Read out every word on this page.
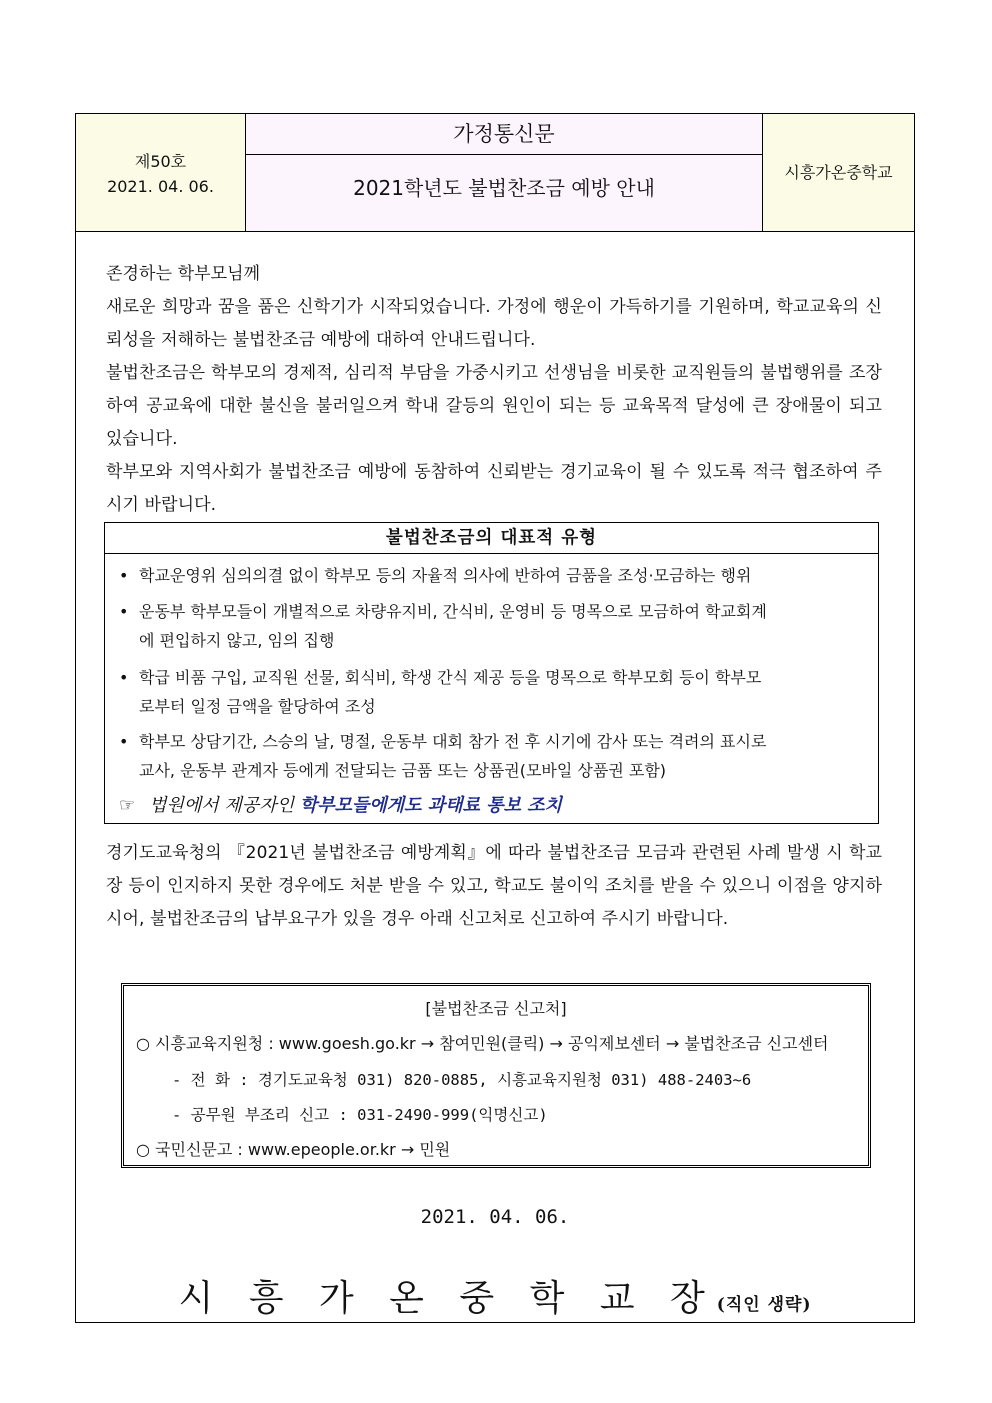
제50호
2021. 04. 06.
가정통신문
2021학년도 불법찬조금 예방 안내
시흥가온중학교

존경하는 학부모님께

새로운 희망과 꿈을 품은 신학기가 시작되었습니다. 가정에 행운이 가득하기를 기원하며, 학교교육의 신뢰성을 저해하는 불법찬조금 예방에 대하여 안내드립니다.

불법찬조금은 학부모의 경제적, 심리적 부담을 가중시키고 선생님을 비롯한 교직원들의 불법행위를 조장하여 공교육에 대한 불신을 불러일으켜 학내 갈등의 원인이 되는 등 교육목적 달성에 큰 장애물이 되고 있습니다.

학부모와 지역사회가 불법찬조금 예방에 동참하여 신뢰받는 경기교육이 될 수 있도록 적극 협조하여 주시기 바랍니다.

불법찬조금의 대표적 유형
• 학교운영위 심의의결 없이 학부모 등의 자율적 의사에 반하여 금품을 조성·모금하는 행위
• 운동부 학부모들이 개별적으로 차량유지비, 간식비, 운영비 등 명목으로 모금하여 학교회계
에 편입하지 않고, 임의 집행
• 학급 비품 구입, 교직원 선물, 회식비, 학생 간식 제공 등을 명목으로 학부모회 등이 학부모
로부터 일정 금액을 할당하여 조성
• 학부모 상담기간, 스승의 날, 명절, 운동부 대회 참가 전 후 시기에 감사 또는 격려의 표시로
교사, 운동부 관계자 등에게 전달되는 금품 또는 상품권(모바일 상품권 포함)
☞ 법원에서 제공자인 학부모들에게도 과태료 통보 조치

경기도교육청의 『2021년 불법찬조금 예방계획』에 따라 불법찬조금 모금과 관련된 사례 발생 시 학교장 등이 인지하지 못한 경우에도 처분 받을 수 있고, 학교도 불이익 조치를 받을 수 있으니 이점을 양지하시어, 불법찬조금의 납부요구가 있을 경우 아래 신고처로 신고하여 주시기 바랍니다.

[불법찬조금 신고처]
○ 시흥교육지원청 : www.goesh.go.kr → 참여민원(클릭) → 공익제보센터 → 불법찬조금 신고센터
- 전 화 : 경기도교육청 031) 820-0885, 시흥교육지원청 031) 488-2403~6
- 공무원 부조리 신고 : 031-2490-999(익명신고)
○ 국민신문고 : www.epeople.or.kr → 민원
2021. 04. 06.
시 흥 가 온 중 학 교 장(직인 생략)
